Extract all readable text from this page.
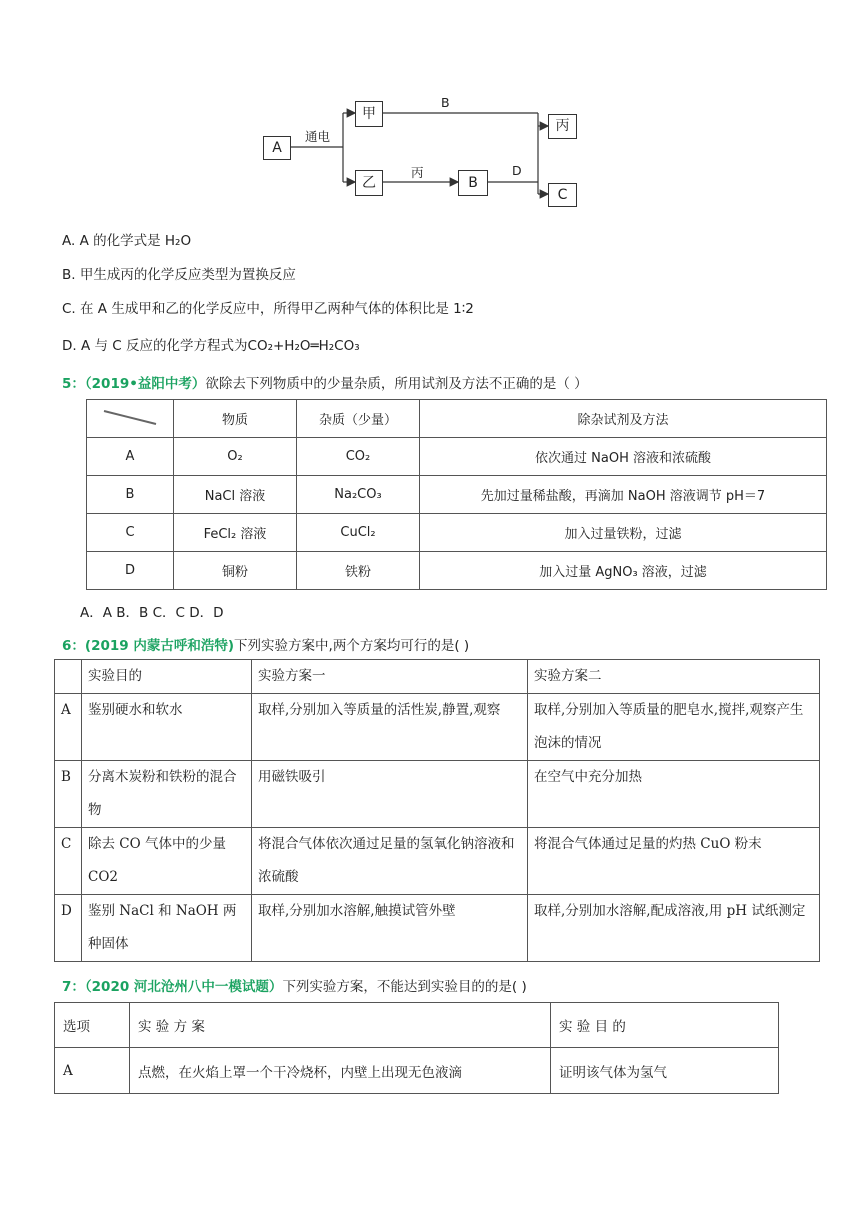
A
甲
乙	B
丙
C
通电
B
丙	D
A. A 的化学式是 H₂O
B. 甲生成丙的化学反应类型为置换反应
C. 在 A 生成甲和乙的化学反应中，所得甲乙两种气体的体积比是 1∶2
D. A 与 C 反应的化学方程式为CO₂+H₂O═H₂CO₃
5：（2019•益阳中考）欲除去下列物质中的少量杂质，所用试剂及方法不正确的是（ ）
	物质	杂质（少量）	除杂试剂及方法
A	O₂	CO₂	依次通过 NaOH 溶液和浓硫酸
B	NaCl 溶液	Na₂CO₃	先加过量稀盐酸，再滴加 NaOH 溶液调节 pH＝7
C	FeCl₂ 溶液	CuCl₂	加入过量铁粉，过滤
D	铜粉	铁粉	加入过量 AgNO₃ 溶液，过滤
A．A B．B C．C D．D
6：(2019 内蒙古呼和浩特)下列实验方案中,两个方案均可行的是( )
	实验目的	实验方案一	实验方案二
A	鉴别硬水和软水	取样,分别加入等质量的活性炭,静置,观察	取样,分别加入等质量的肥皂水,搅拌,观察产生泡沫的情况
B	分离木炭粉和铁粉的混合物	用磁铁吸引	在空气中充分加热
C	除去 CO 气体中的少量 CO2	将混合气体依次通过足量的氢氧化钠溶液和浓硫酸	将混合气体通过足量的灼热 CuO 粉末
D	鉴别 NaCl 和 NaOH 两种固体	取样,分别加水溶解,触摸试管外壁	取样,分别加水溶解,配成溶液,用 pH 试纸测定
7：（2020 河北沧州八中一模试题）下列实验方案，不能达到实验目的的是( )
选项	实 验 方 案	实 验 目 的
A	点燃，在火焰上罩一个干冷烧杯，内壁上出现无色液滴	证明该气体为氢气
